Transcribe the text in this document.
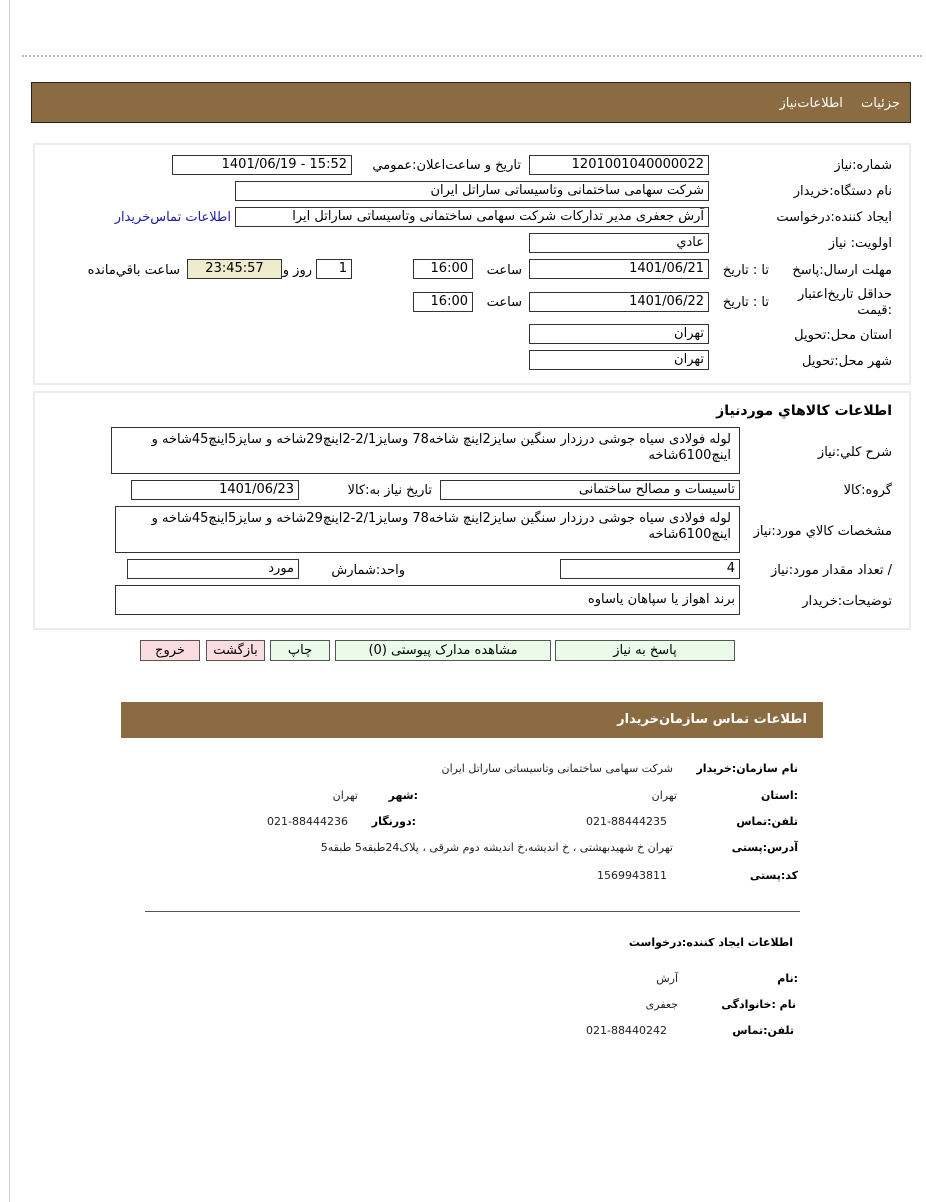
جزئیات اطلاعات‌نیاز
شماره:نیاز
1201001040000022
تاریخ و ساعت‌اعلان:عمومي
1401/06/19 - 15:52
نام دستگاه:خریدار
شرکت سهامی ساختمانی وتاسیساتی ساراتل ایران
ایجاد کننده:درخواست
آرش جعفری مدیر تدارکات شرکت سهامی ساختمانی وتاسیساتی ساراتل ایرا
اطلاعات تماس‌خریدار
اولویت: نیاز
عادي
مهلت ارسال:پاسخ
تا : تاریخ
1401/06/21
ساعت
16:00
1
روز و
23:45:57
ساعت باقي‌مانده
حداقل تاریخ‌اعتبار :قیمت
تا : تاریخ
1401/06/22
ساعت
16:00
استان محل:تحویل
تهران
شهر محل:تحویل
تهران
اطلاعات کالاهاي موردنیاز
شرح کلي:نیاز
لوله فولادی سیاه جوشی درزدار سنگین سایز2اینچ شاخه78 وسایز2/1-2اینچ29شاخه و سایز5اینچ45شاخه و اینچ6100شاخه
گروه:کالا
تاسیسات و مصالح ساختمانی
تاریخ نیاز به:کالا
1401/06/23
مشخصات کالاي مورد:نیاز
لوله فولادی سیاه جوشی درزدار سنگین سایز2اینچ شاخه78 وسایز2/1-2اینچ29شاخه و سایز5اینچ45شاخه و اینچ6100شاخه
/ تعداد مقدار مورد:نیاز
4
واحد:شمارش
مورد
توضیحات:خریدار
برند اهواز یا سپاهان یاساوه
پاسخ به نیاز
مشاهده مدارک پیوستی (0)
چاپ
بازگشت
خروج
اطلاعات تماس سازمان‌خریدار
نام سازمان:خریدار
شرکت سهامی ساختمانی وتاسیساتی ساراتل ایران
:استان
تهران
:شهر
تهران
تلفن:تماس
021-88444235
:دورنگار
021-88444236
آدرس:پستی
تهران خ شهیدبهشتی ، خ اندیشه،خ اندیشه دوم شرقی ، پلاک24طبقه5 طبقه5
کد:پستی
1569943811
اطلاعات ایجاد کننده:درخواست
:نام
آرش
نام :خانوادگی
جعفری
تلفن:تماس
021-88440242
